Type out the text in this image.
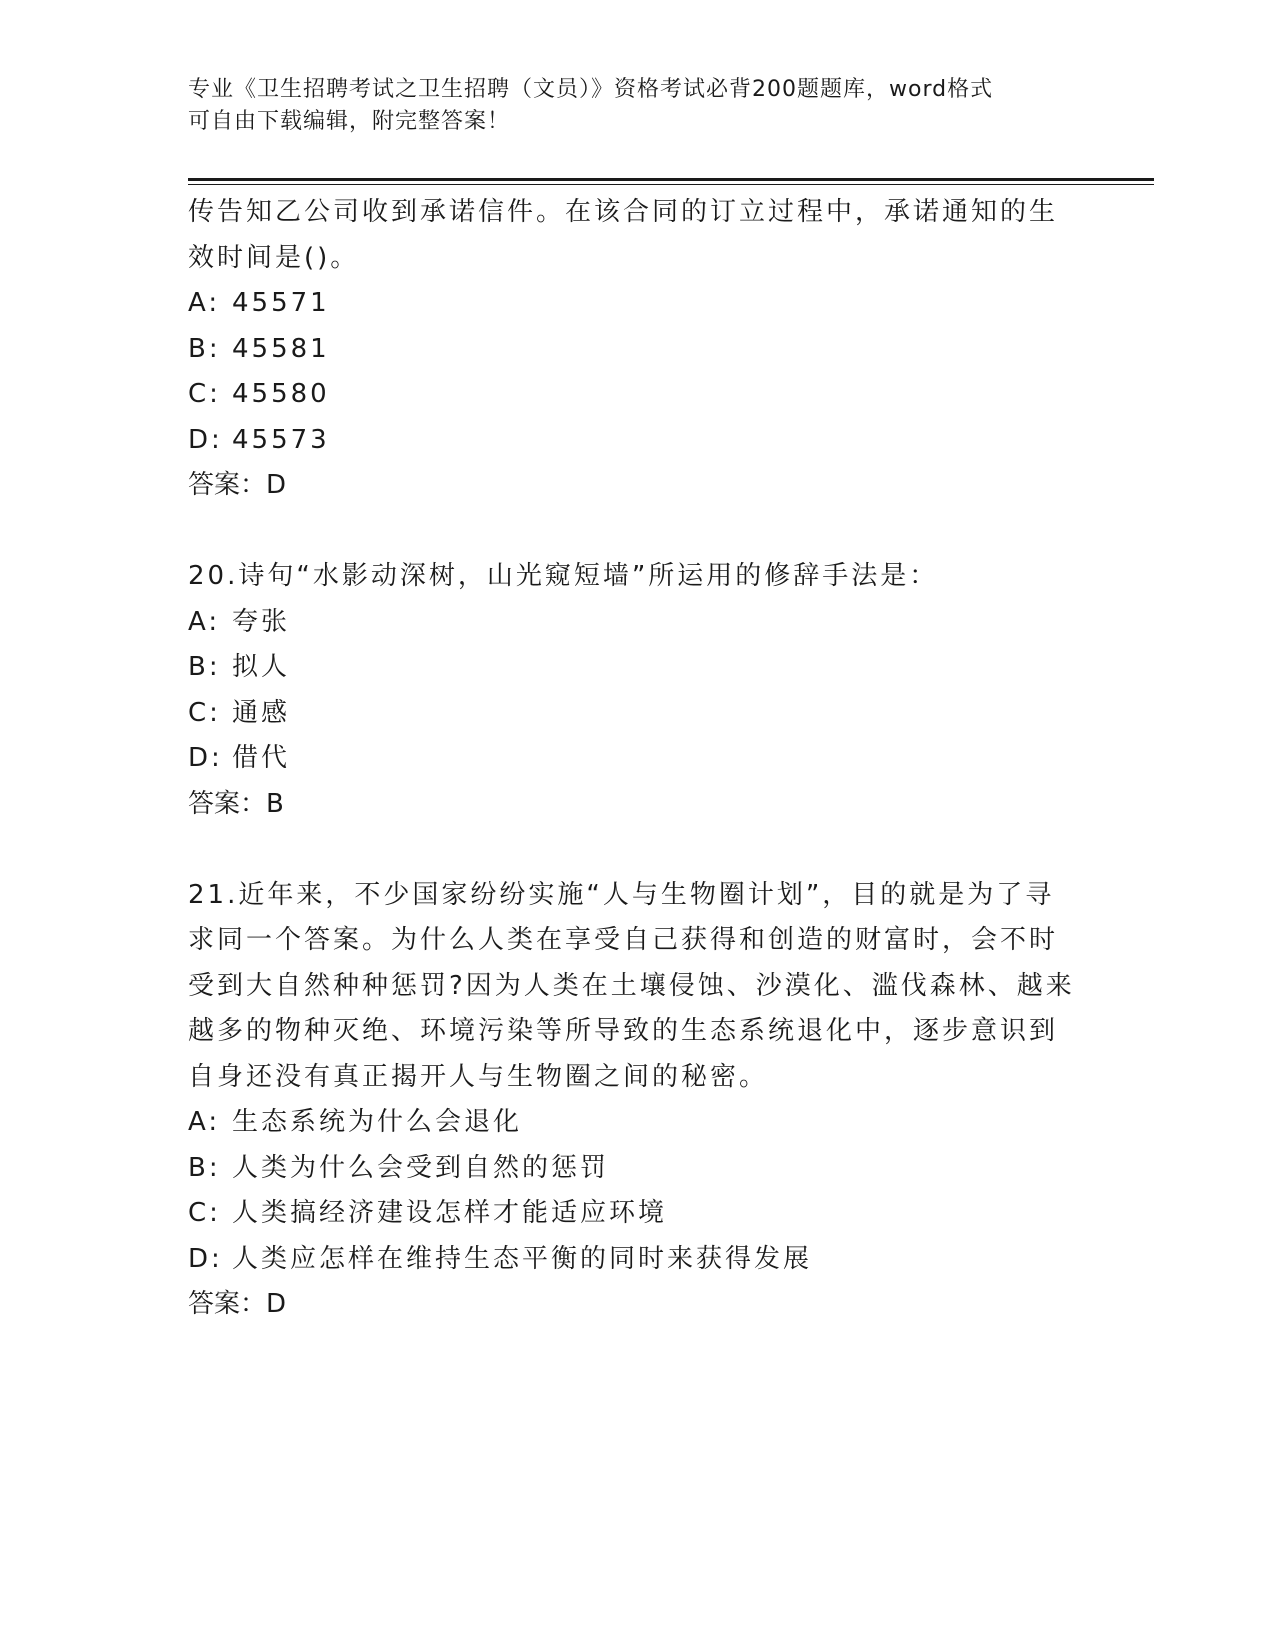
专业《卫生招聘考试之卫生招聘（文员）》资格考试必背200题题库，word格式
可自由下载编辑，附完整答案！
传告知乙公司收到承诺信件。在该合同的订立过程中，承诺通知的生
效时间是()。
A: 45571
B: 45581
C: 45580
D: 45573
答案：D
20.诗句“水影动深树，山光窥短墙”所运用的修辞手法是：
A: 夸张
B: 拟人
C: 通感
D: 借代
答案：B
21.近年来，不少国家纷纷实施“人与生物圈计划”，目的就是为了寻
求同一个答案。为什么人类在享受自己获得和创造的财富时，会不时
受到大自然种种惩罚?因为人类在土壤侵蚀、沙漠化、滥伐森林、越来
越多的物种灭绝、环境污染等所导致的生态系统退化中，逐步意识到
自身还没有真正揭开人与生物圈之间的秘密。
A: 生态系统为什么会退化
B: 人类为什么会受到自然的惩罚
C: 人类搞经济建设怎样才能适应环境
D: 人类应怎样在维持生态平衡的同时来获得发展
答案：D
